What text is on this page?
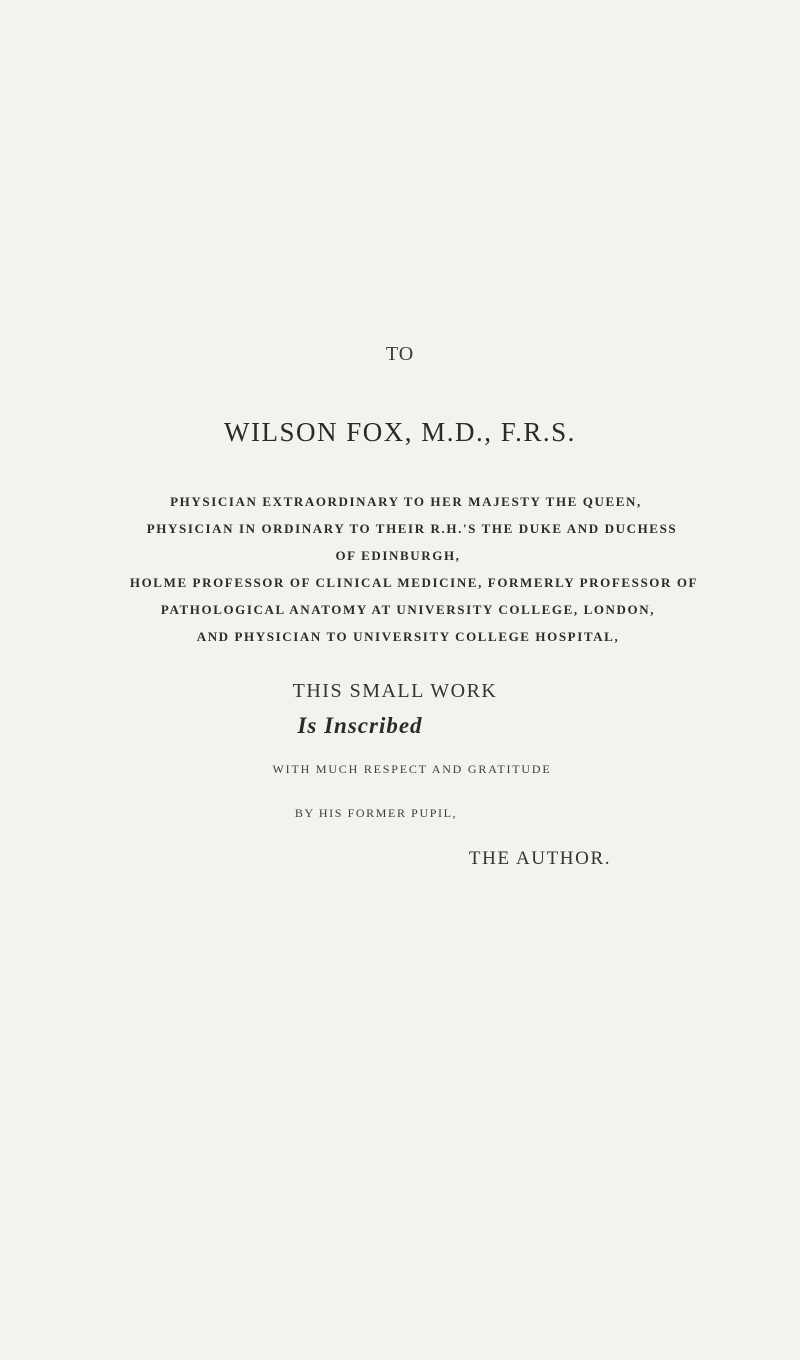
TO
WILSON FOX, M.D., F.R.S.
PHYSICIAN EXTRAORDINARY TO HER MAJESTY THE QUEEN,
PHYSICIAN IN ORDINARY TO THEIR R.H.'S THE DUKE AND DUCHESS
OF EDINBURGH,
HOLME PROFESSOR OF CLINICAL MEDICINE, FORMERLY PROFESSOR OF
PATHOLOGICAL ANATOMY AT UNIVERSITY COLLEGE, LONDON,
AND PHYSICIAN TO UNIVERSITY COLLEGE HOSPITAL,
THIS SMALL WORK
Is Inscribed
WITH MUCH RESPECT AND GRATITUDE
BY HIS FORMER PUPIL,
THE AUTHOR.
